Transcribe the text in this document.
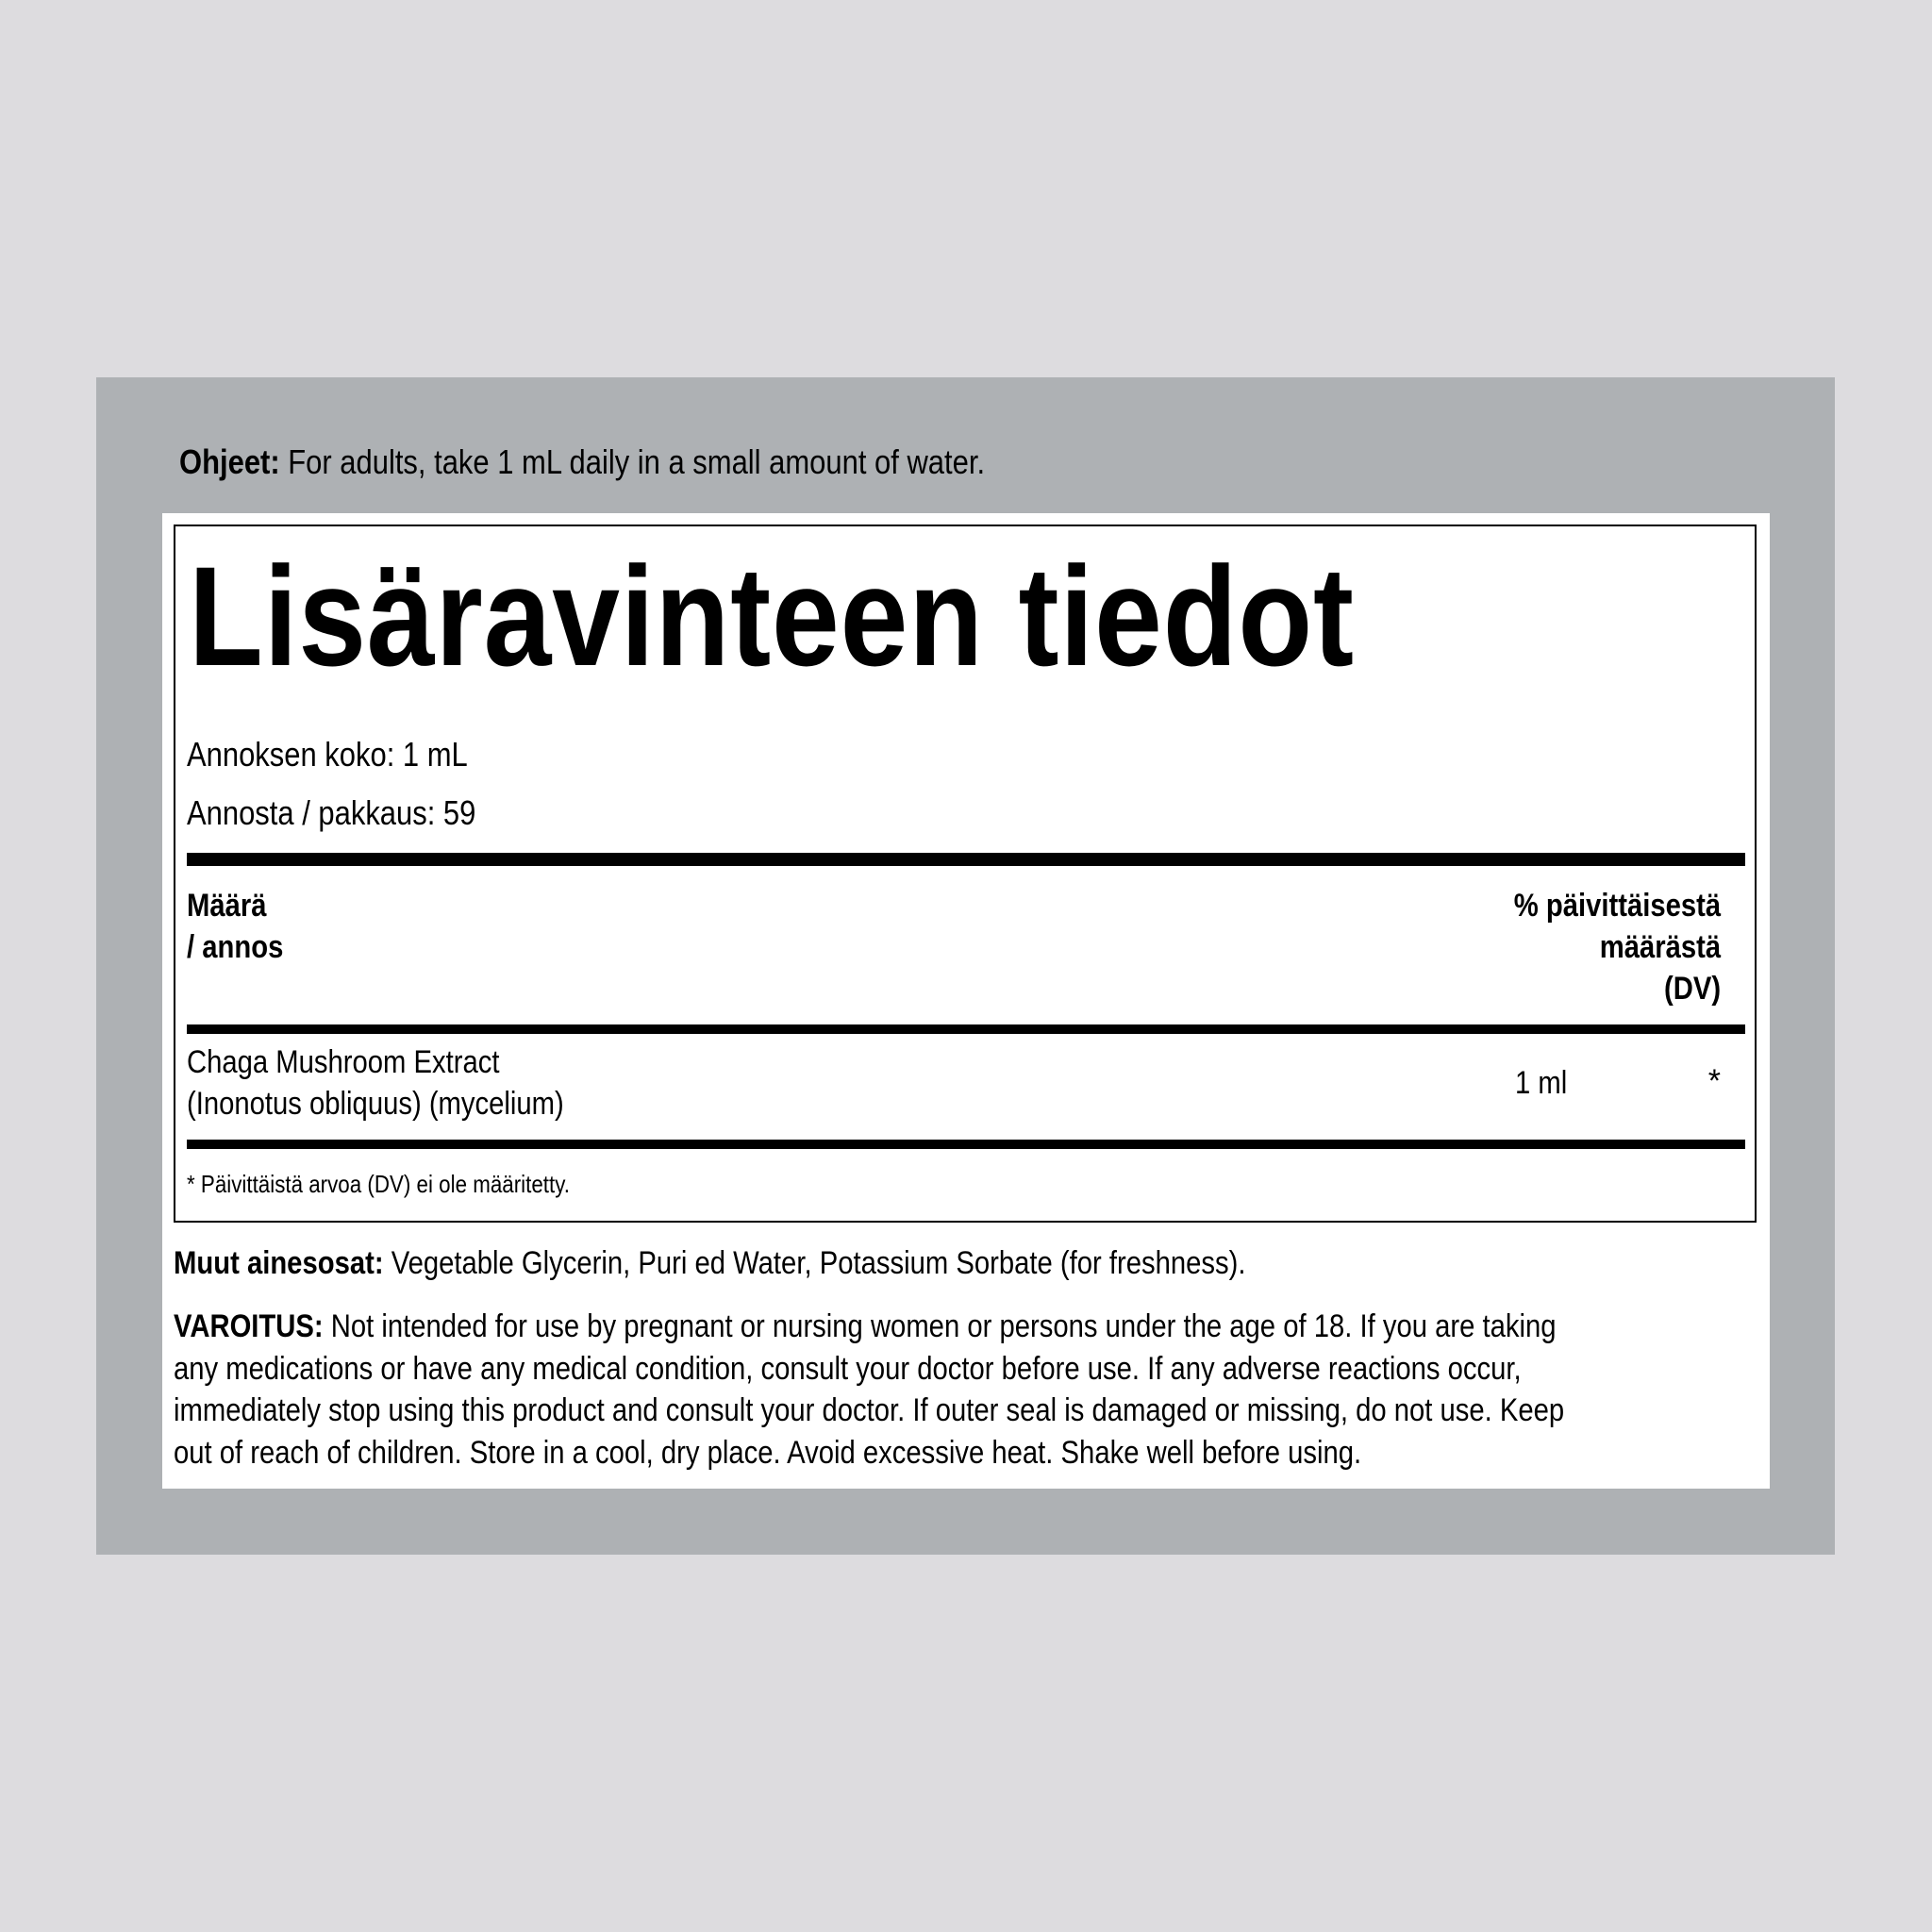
Ohjeet: For adults, take 1 mL daily in a small amount of water.
Lisäravinteen tiedot
Annoksen koko: 1 mL
Annosta / pakkaus: 59
Määrä
/ annos
% päivittäisestä
määrästä
(DV)
Chaga Mushroom Extract
(Inonotus obliquus) (mycelium)
1 ml	*
* Päivittäistä arvoa (DV) ei ole määritetty.
Muut ainesosat: Vegetable Glycerin, Puri ed Water, Potassium Sorbate (for freshness).
VAROITUS: Not intended for use by pregnant or nursing women or persons under the age of 18. If you are taking any medications or have any medical condition, consult your doctor before use. If any adverse reactions occur, immediately stop using this product and consult your doctor. If outer seal is damaged or missing, do not use. Keep out of reach of children. Store in a cool, dry place. Avoid excessive heat. Shake well before using.
